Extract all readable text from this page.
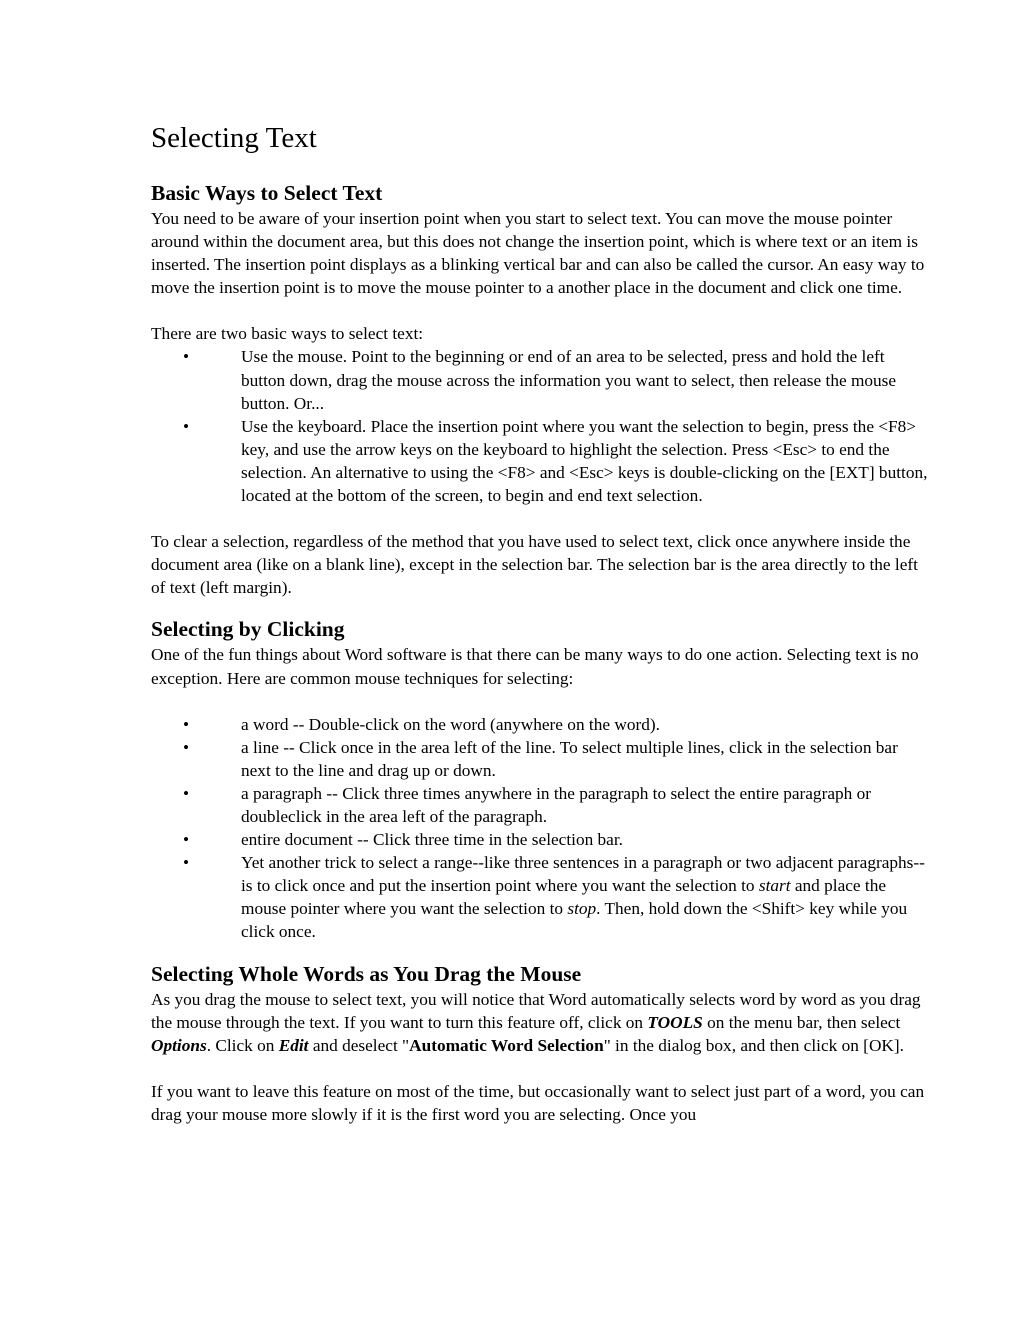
Selecting Text
Basic Ways to Select Text

You need to be aware of your insertion point when you start to select text. You can move the mouse pointer around within the document area, but this does not change the insertion point, which is where text or an item is inserted. The insertion point displays as a blinking vertical bar and can also be called the cursor. An easy way to move the insertion point is to move the mouse pointer to a another place in the document and click one time.

There are two basic ways to select text:

•	Use the mouse. Point to the beginning or end of an area to be selected, press and hold the left button down, drag the mouse across the information you want to select, then release the mouse button. Or...
•	Use the keyboard. Place the insertion point where you want the selection to begin, press the <F8> key, and use the arrow keys on the keyboard to highlight the selection. Press <Esc> to end the selection. An alternative to using the <F8> and <Esc> keys is double-clicking on the [EXT] button, located at the bottom of the screen, to begin and end text selection.

To clear a selection, regardless of the method that you have used to select text, click once anywhere inside the document area (like on a blank line), except in the selection bar. The selection bar is the area directly to the left of text (left margin).

Selecting by Clicking

One of the fun things about Word software is that there can be many ways to do one action. Selecting text is no exception. Here are common mouse techniques for selecting:

•	a word -- Double-click on the word (anywhere on the word).
•	a line -- Click once in the area left of the line. To select multiple lines, click in the selection bar next to the line and drag up or down.
•	a paragraph -- Click three times anywhere in the paragraph to select the entire paragraph or doubleclick in the area left of the paragraph.
•	entire document -- Click three time in the selection bar.
•	Yet another trick to select a range--like three sentences in a paragraph or two adjacent paragraphs--is to click once and put the insertion point where you want the selection to start and place the mouse pointer where you want the selection to stop. Then, hold down the <Shift> key while you click once.
Selecting Whole Words as You Drag the Mouse

As you drag the mouse to select text, you will notice that Word automatically selects word by word as you drag the mouse through the text. If you want to turn this feature off, click on TOOLS on the menu bar, then select Options. Click on Edit and deselect "Automatic Word Selection" in the dialog box, and then click on [OK].

If you want to leave this feature on most of the time, but occasionally want to select just part of a word, you can drag your mouse more slowly if it is the first word you are selecting. Once you
